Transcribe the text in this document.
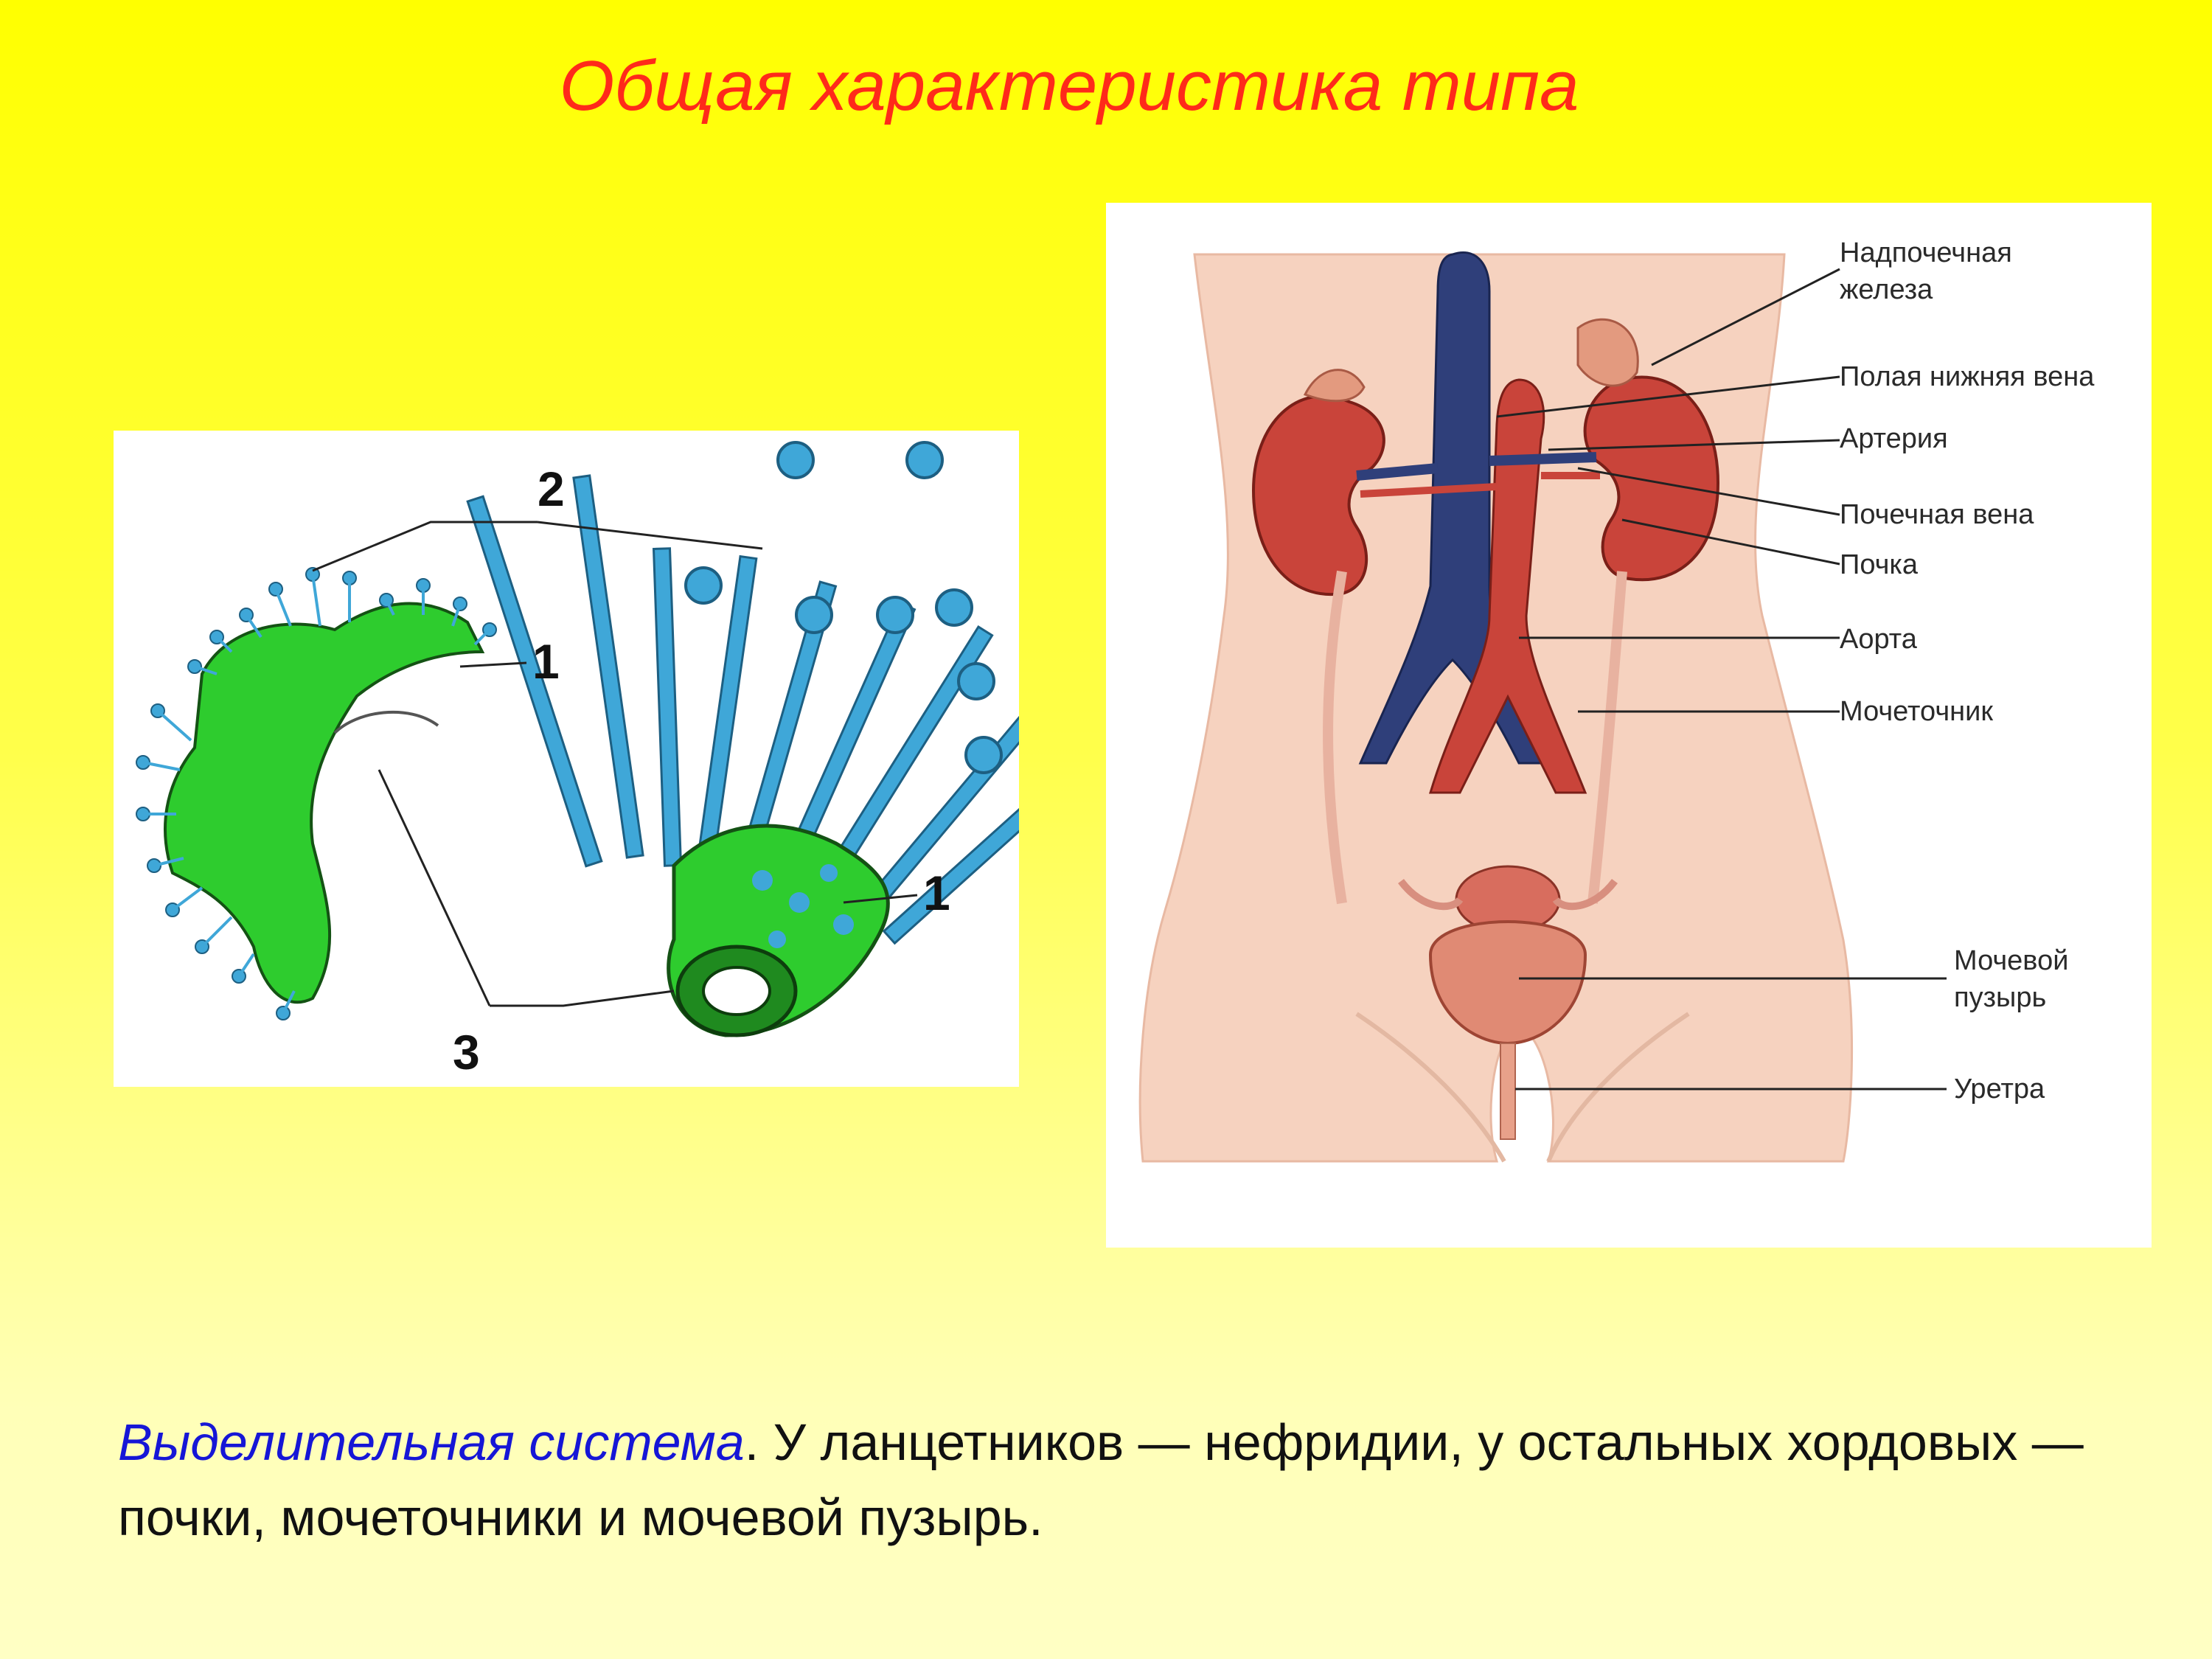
Общая характеристика типа
2
1
1
3
Надпочечная
железа
Полая нижняя вена
Артерия
Почечная вена
Почка
Аорта
Мочеточник
Мочевой
пузырь
Уретра
Выделительная система. У ланцетников — нефридии, у остальных хордовых — почки, мочеточники и мочевой пузырь.
